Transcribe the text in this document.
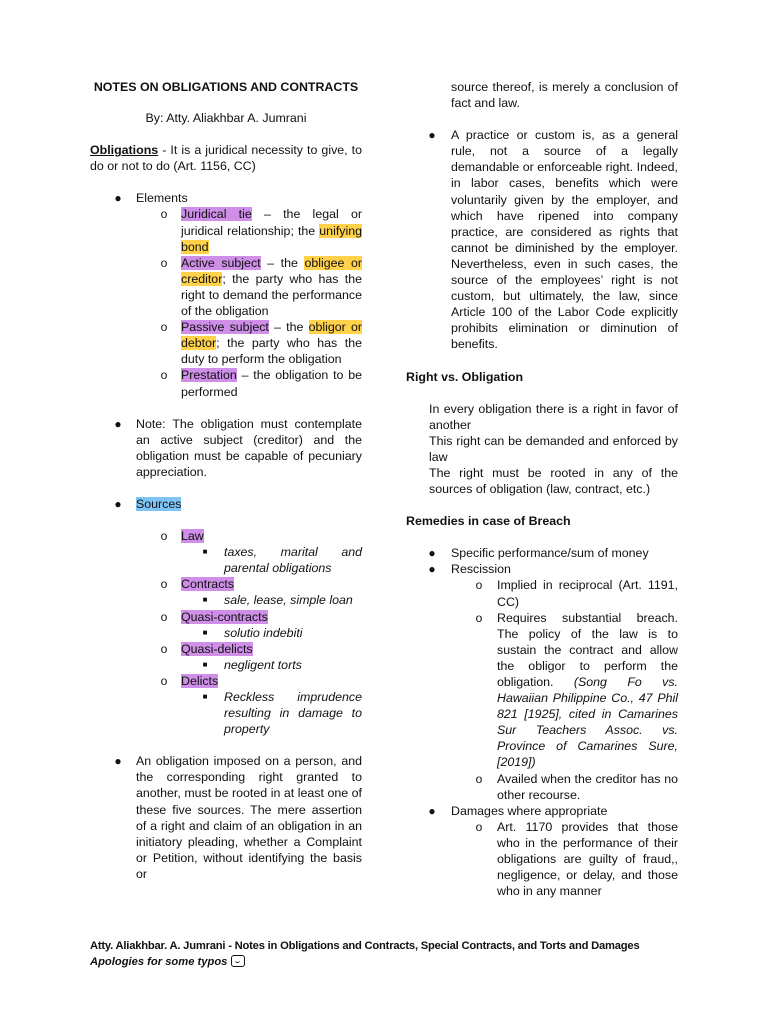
NOTES ON OBLIGATIONS AND CONTRACTS

By: Atty. Aliakhbar A. Jumrani

Obligations - It is a juridical necessity to give, to do or not to do (Art. 1156, CC)

● Elements

o Juridical tie – the legal or juridical relationship; the unifying bond
o Active subject – the obligee or creditor; the party who has the right to demand the performance of the obligation
o Passive subject – the obligor or debtor; the party who has the duty to perform the obligation
o Prestation – the obligation to be performed
● Note: The obligation must contemplate an active subject (creditor) and the obligation must be capable of pecuniary appreciation.
● Sources

o Law
■ taxes, marital and parental obligations
o Contracts
■ sale, lease, simple loan
o Quasi-contracts
■ solutio indebiti
o Quasi-delicts
■ negligent torts
o Delicts
■ Reckless imprudence resulting in damage to property
● An obligation imposed on a person, and the corresponding right granted to another, must be rooted in at least one of these five sources. The mere assertion of a right and claim of an obligation in an initiatory pleading, whether a Complaint or Petition, without identifying the basis or

source thereof, is merely a conclusion of fact and law.

● A practice or custom is, as a general rule, not a source of a legally demandable or enforceable right. Indeed, in labor cases, benefits which were voluntarily given by the employer, and which have ripened into company practice, are considered as rights that cannot be diminished by the employer. Nevertheless, even in such cases, the source of the employees’ right is not custom, but ultimately, the law, since Article 100 of the Labor Code explicitly prohibits elimination or diminution of benefits.

Right vs. Obligation

In every obligation there is a right in favor of another

This right can be demanded and enforced by law

The right must be rooted in any of the sources of obligation (law, contract, etc.)

Remedies in case of Breach

● Specific performance/sum of money
● Rescission
o Implied in reciprocal (Art. 1191, CC)
o Requires substantial breach. The policy of the law is to sustain the contract and allow the obligor to perform the obligation. (Song Fo vs. Hawaiian Philippine Co., 47 Phil 821 [1925], cited in Camarines Sur Teachers Assoc. vs. Province of Camarines Sure, [2019])
o Availed when the creditor has no other recourse.
● Damages where appropriate
o Art. 1170 provides that those who in the performance of their obligations are guilty of fraud,, negligence, or delay, and those who in any manner

Atty. Aliakhbar. A. Jumrani - Notes in Obligations and Contracts, Special Contracts, and Torts and Damages

Apologies for some typos
